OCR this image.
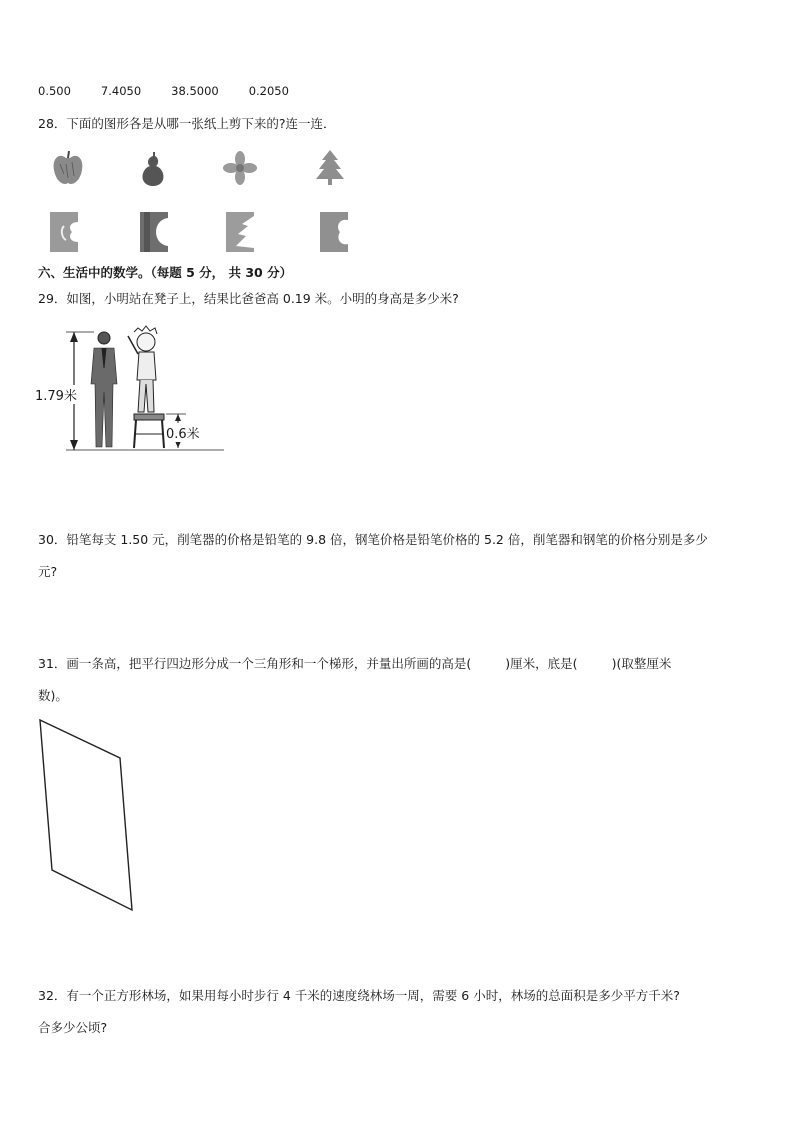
0.500	7.4050	38.5000	0.2050
28．下面的图形各是从哪一张纸上剪下来的?连一连．
六、生活中的数学。（每题 5 分， 共 30 分）
29．如图，小明站在凳子上，结果比爸爸高 0.19 米。小明的身高是多少米?
1.79米
0.6米
30．铅笔每支 1.50 元，削笔器的价格是铅笔的 9.8 倍，钢笔价格是铅笔价格的 5.2 倍，削笔器和钢笔的价格分别是多少
元?
31．画一条高，把平行四边形分成一个三角形和一个梯形，并量出所画的高是(	)厘米，底是(	)(取整厘米
数)。
32．有一个正方形林场，如果用每小时步行 4 千米的速度绕林场一周，需要 6 小时，林场的总面积是多少平方千米?
合多少公顷?
